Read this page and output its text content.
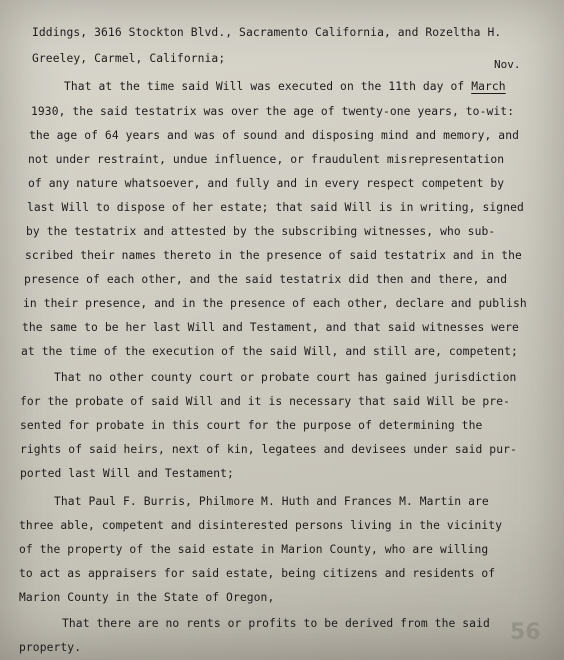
Iddings, 3616 Stockton Blvd., Sacramento California, and Rozeltha H.
Greeley, Carmel, California;
That at the time said Will was executed on the 11th day of March
1930, the said testatrix was over the age of twenty-one years, to-wit:
the age of 64 years and was of sound and disposing mind and memory, and
not under restraint, undue influence, or fraudulent misrepresentation
of any nature whatsoever, and fully and in every respect competent by
last Will to dispose of her estate; that said Will is in writing, signed
by the testatrix and attested by the subscribing witnesses, who sub-
scribed their names thereto in the presence of said testatrix and in the
presence of each other, and the said testatrix did then and there, and
in their presence, and in the presence of each other, declare and publish
the same to be her last Will and Testament, and that said witnesses were
at the time of the execution of the said Will, and still are, competent;
That no other county court or probate court has gained jurisdiction
for the probate of said Will and it is necessary that said Will be pre-
sented for probate in this court for the purpose of determining the
rights of said heirs, next of kin, legatees and devisees under said pur-
ported last Will and Testament;
That Paul F. Burris, Philmore M. Huth and Frances M. Martin are
three able, competent and disinterested persons living in the vicinity
of the property of the said estate in Marion County, who are willing
to act as appraisers for said estate, being citizens and residents of
Marion County in the State of Oregon,
That there are no rents or profits to be derived from the said
property.
Nov.
56
